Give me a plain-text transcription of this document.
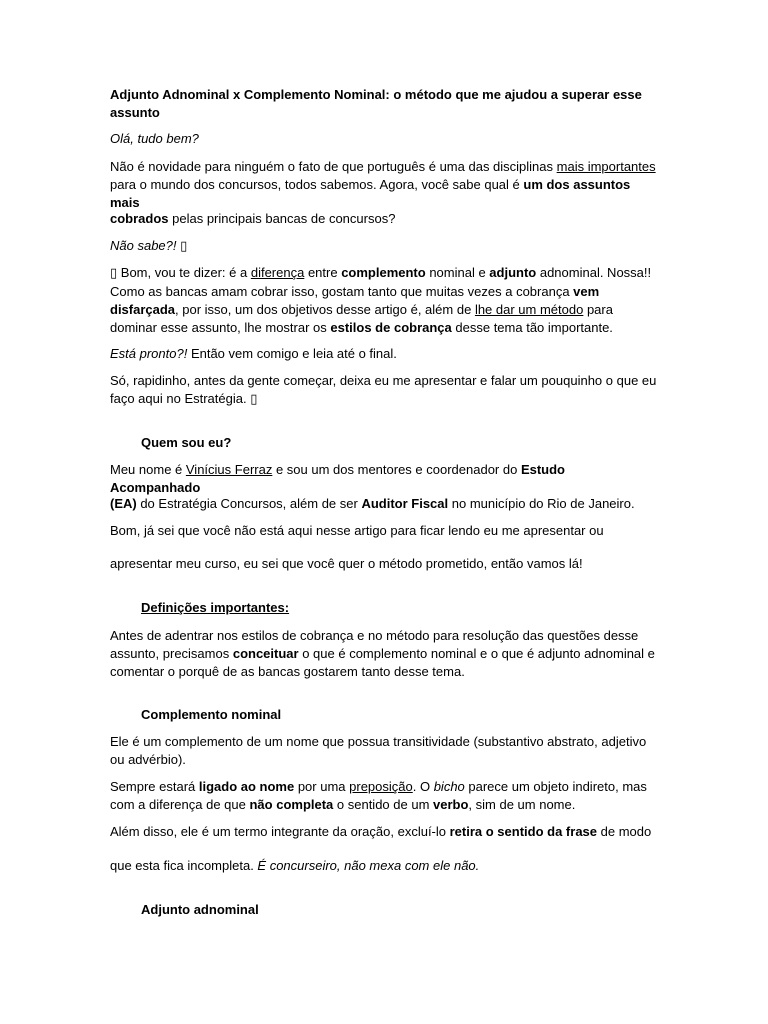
Adjunto Adnominal x Complemento Nominal: o método que me ajudou a superar esse assunto

Olá, tudo bem?

Não é novidade para ninguém o fato de que português é uma das disciplinas mais importantes para o mundo dos concursos, todos sabemos. Agora, você sabe qual é um dos assuntos mais

cobrados pelas principais bancas de concursos?

Não sabe?! ▯

▯ Bom, vou te dizer: é a diferença entre complemento nominal e adjunto adnominal. Nossa!! Como as bancas amam cobrar isso, gostam tanto que muitas vezes a cobrança vem disfarçada, por isso, um dos objetivos desse artigo é, além de lhe dar um método para dominar esse assunto, lhe mostrar os estilos de cobrança desse tema tão importante.

Está pronto?! Então vem comigo e leia até o final.

Só, rapidinho, antes da gente começar, deixa eu me apresentar e falar um pouquinho o que eu faço aqui no Estratégia. ▯

Quem sou eu?

Meu nome é Vinícius Ferraz e sou um dos mentores e coordenador do Estudo Acompanhado

(EA) do Estratégia Concursos, além de ser Auditor Fiscal no município do Rio de Janeiro.

Bom, já sei que você não está aqui nesse artigo para ficar lendo eu me apresentar ou

apresentar meu curso, eu sei que você quer o método prometido, então vamos lá!

Definições importantes:

Antes de adentrar nos estilos de cobrança e no método para resolução das questões desse assunto, precisamos conceituar o que é complemento nominal e o que é adjunto adnominal e comentar o porquê de as bancas gostarem tanto desse tema.

Complemento nominal

Ele é um complemento de um nome que possua transitividade (substantivo abstrato, adjetivo ou advérbio).

Sempre estará ligado ao nome por uma preposição. O bicho parece um objeto indireto, mas com a diferença de que não completa o sentido de um verbo, sim de um nome.

Além disso, ele é um termo integrante da oração, excluí-lo retira o sentido da frase de modo

que esta fica incompleta. É concurseiro, não mexa com ele não.

Adjunto adnominal
